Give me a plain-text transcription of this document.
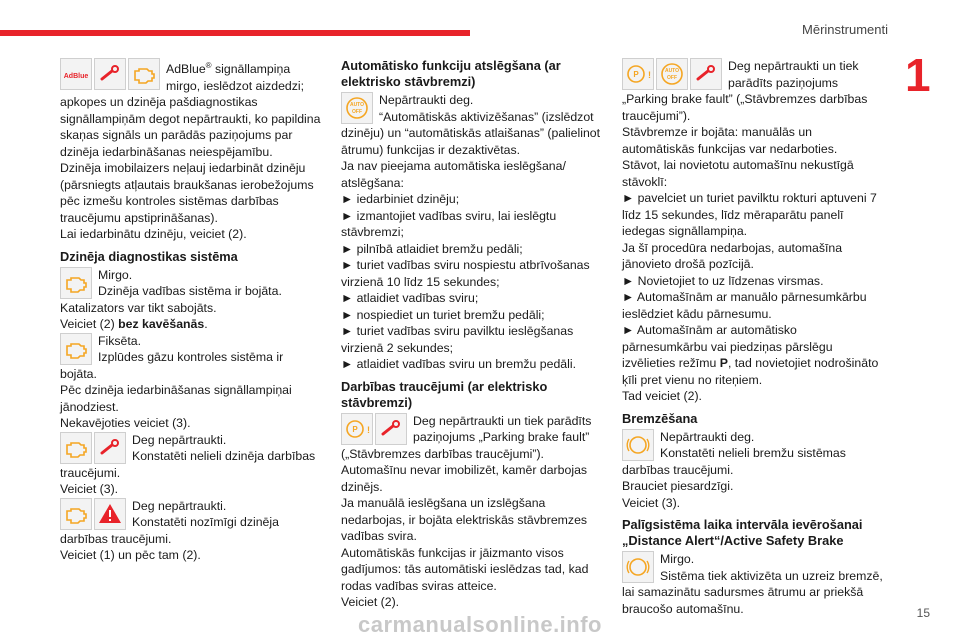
Mērinstrumenti
1
AdBlue

AdBlue® signāllampiņa mirgo, ieslēdzot aizdedzi; apkopes un dzinēja pašdiagnostikas signāllampiņām degot nepārtraukti, ko papildina skaņas signāls un parādās paziņojums par dzinēja iedarbināšanas neiespējamību.

Dzinēja imobilaizers neļauj iedarbināt dzinēju (pārsniegts atļautais braukšanas ierobežojums pēc izmešu kontroles sistēmas darbības traucējumu apstiprināšanas).

Lai iedarbinātu dzinēju, veiciet (2).

Dzinēja diagnostikas sistēma

Mirgo.

Dzinēja vadības sistēma ir bojāta.

Katalizators var tikt sabojāts.

Veiciet (2) bez kavēšanās.

Fiksēta.

Izplūdes gāzu kontroles sistēma ir bojāta.

Pēc dzinēja iedarbināšanas signāllampiņai jānodziest.

Nekavējoties veiciet (3).

Deg nepārtraukti.

Konstatēti nelieli dzinēja darbības traucējumi.

Veiciet (3).

Deg nepārtraukti.

Konstatēti nozīmīgi dzinēja darbības traucējumi.

Veiciet (1) un pēc tam (2).

Automātisko funkciju atslēgšana (ar elektrisko stāvbremzi)

AUTO
OFF

Nepārtraukti deg.

“Automātiskās aktivizēšanas” (izslēdzot dzinēju) un “automātiskās atlaišanas” (palielinot ātrumu) funkcijas ir dezaktivētas.

Ja nav pieejama automātiska ieslēgšana/ atslēgšana:

► iedarbiniet dzinēju;

► izmantojiet vadības sviru, lai ieslēgtu stāvbremzi;

► pilnībā atlaidiet bremžu pedāli;

► turiet vadības sviru nospiestu atbrīvošanas virzienā 10 līdz 15 sekundes;

► atlaidiet vadības sviru;

► nospiediet un turiet bremžu pedāli;

► turiet vadības sviru pavilktu ieslēgšanas virzienā 2 sekundes;

► atlaidiet vadības sviru un bremžu pedāli.

Darbības traucējumi (ar elektrisko stāvbremzi)

P !

Deg nepārtraukti un tiek parādīts paziņojums „Parking brake fault” („Stāvbremzes darbības traucējumi”).

Automašīnu nevar imobilizēt, kamēr darbojas dzinējs.

Ja manuālā ieslēgšana un izslēgšana nedarbojas, ir bojāta elektriskās stāvbremzes vadības svira.

Automātiskās funkcijas ir jāizmanto visos gadījumos: tās automātiski ieslēdzas tad, kad rodas vadības sviras atteice.

Veiciet (2).

P !	AUTO
OFF

Deg nepārtraukti un tiek parādīts paziņojums „Parking brake fault” („Stāvbremzes darbības traucējumi”).

Stāvbremze ir bojāta: manuālās un automātiskās funkcijas var nedarboties.

Stāvot, lai novietotu automašīnu nekustīgā stāvoklī:

► pavelciet un turiet pavilktu rokturi aptuveni 7 līdz 15 sekundes, līdz mēraparātu panelī iedegas signāllampiņa.

Ja šī procedūra nedarbojas, automašīna jānovieto drošā pozīcijā.

► Novietojiet to uz līdzenas virsmas.

► Automašīnām ar manuālo pārnesumkārbu ieslēdziet kādu pārnesumu.

► Automašīnām ar automātisko pārnesumkārbu vai piedziņas pārslēgu izvēlieties režīmu P, tad novietojiet nodrošināto ķīli pret vienu no riteņiem.

Tad veiciet (2).

Bremzēšana

Nepārtraukti deg.

Konstatēti nelieli bremžu sistēmas darbības traucējumi.

Brauciet piesardzīgi.

Veiciet (3).

Palīgsistēma laika intervāla ievērošanai „Distance Alert“/Active Safety Brake

Mirgo.

Sistēma tiek aktivizēta un uzreiz bremzē, lai samazinātu sadursmes ātrumu ar priekšā braucošo automašīnu.	15
carmanualsonline.info
